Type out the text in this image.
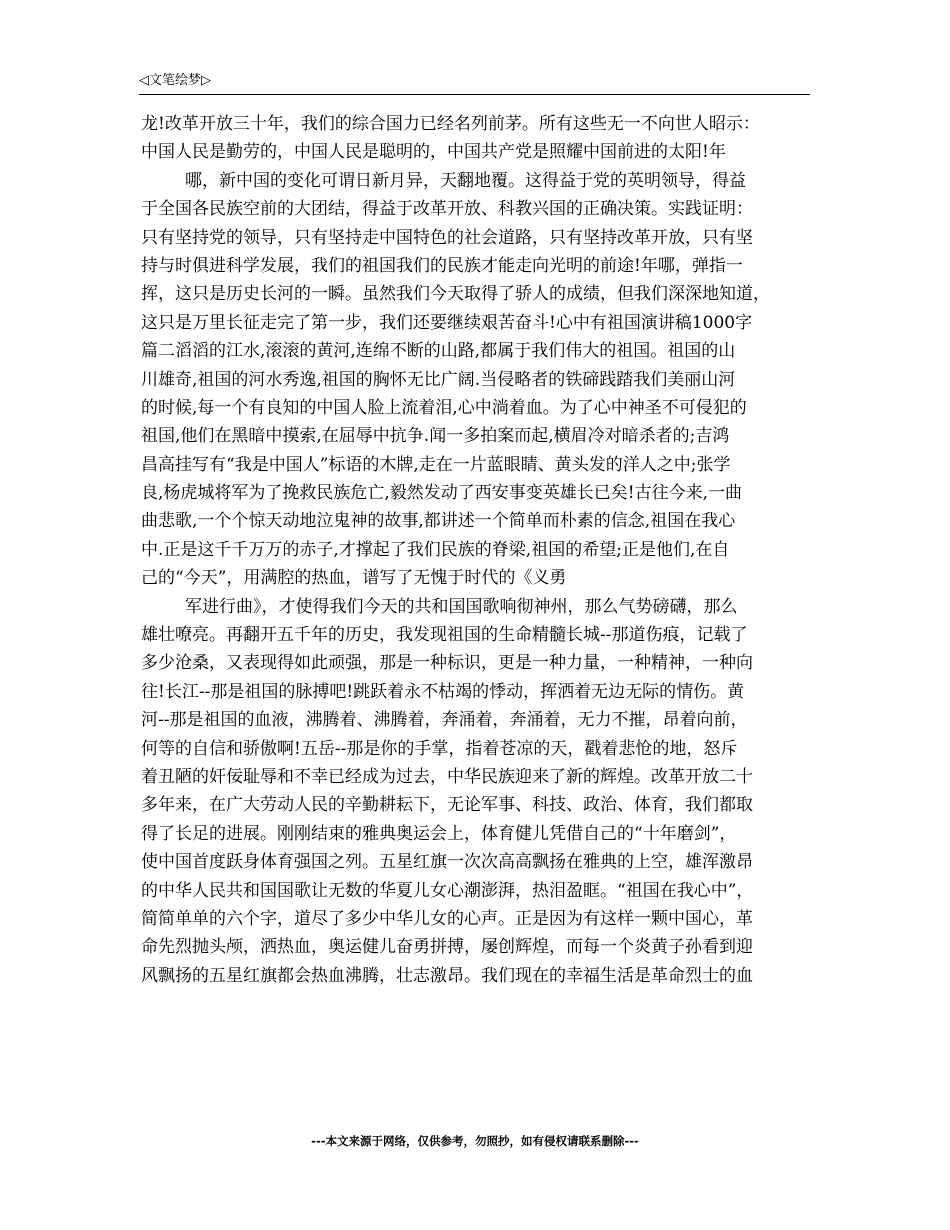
◁文笔绘梦▷
龙!改革开放三十年，我们的综合国力已经名列前茅。所有这些无一不向世人昭示：
中国人民是勤劳的，中国人民是聪明的，中国共产党是照耀中国前进的太阳!年
哪，新中国的变化可谓日新月异，天翻地覆。这得益于党的英明领导，得益
于全国各民族空前的大团结，得益于改革开放、科教兴国的正确决策。实践证明：
只有坚持党的领导，只有坚持走中国特色的社会道路，只有坚持改革开放，只有坚
持与时俱进科学发展，我们的祖国我们的民族才能走向光明的前途!年哪，弹指一
挥，这只是历史长河的一瞬。虽然我们今天取得了骄人的成绩，但我们深深地知道，
这只是万里长征走完了第一步，我们还要继续艰苦奋斗!心中有祖国演讲稿1000字
篇二滔滔的江水,滚滚的黄河,连绵不断的山路,都属于我们伟大的祖国。祖国的山
川雄奇,祖国的河水秀逸,祖国的胸怀无比广阔.当侵略者的铁碲践踏我们美丽山河
的时候,每一个有良知的中国人脸上流着泪,心中淌着血。为了心中神圣不可侵犯的
祖国,他们在黑暗中摸索,在屈辱中抗争.闻一多拍案而起,横眉冷对暗杀者的;吉鸿
昌高挂写有“我是中国人”标语的木牌,走在一片蓝眼睛、黄头发的洋人之中;张学
良,杨虎城将军为了挽救民族危亡,毅然发动了西安事变英雄长已矣!古往今来,一曲
曲悲歌,一个个惊天动地泣鬼神的故事,都讲述一个简单而朴素的信念,祖国在我心
中.正是这千千万万的赤子,才撑起了我们民族的脊梁,祖国的希望;正是他们,在自
己的“今天”，用满腔的热血，谱写了无愧于时代的《义勇
军进行曲》，才使得我们今天的共和国国歌响彻神州，那么气势磅礴，那么
雄壮嘹亮。再翻开五千年的历史，我发现祖国的生命精髓长城--那道伤痕，记载了
多少沧桑，又表现得如此顽强，那是一种标识，更是一种力量，一种精神，一种向
往!长江--那是祖国的脉搏吧!跳跃着永不枯竭的悸动，挥洒着无边无际的情伤。黄
河--那是祖国的血液，沸腾着、沸腾着，奔涌着，奔涌着，无力不摧，昂着向前，
何等的自信和骄傲啊!五岳--那是你的手掌，指着苍凉的天，戳着悲怆的地，怒斥
着丑陋的奸佞耻辱和不幸已经成为过去，中华民族迎来了新的辉煌。改革开放二十
多年来，在广大劳动人民的辛勤耕耘下，无论军事、科技、政治、体育，我们都取
得了长足的进展。刚刚结束的雅典奥运会上，体育健儿凭借自己的“十年磨剑”，
使中国首度跃身体育强国之列。五星红旗一次次高高飘扬在雅典的上空，雄浑激昂
的中华人民共和国国歌让无数的华夏儿女心潮澎湃，热泪盈眶。“祖国在我心中”，
简简单单的六个字，道尽了多少中华儿女的心声。正是因为有这样一颗中国心，革
命先烈抛头颅，洒热血，奥运健儿奋勇拼搏，屡创辉煌，而每一个炎黄子孙看到迎
风飘扬的五星红旗都会热血沸腾，壮志激昂。我们现在的幸福生活是革命烈士的血
---本文来源于网络，仅供参考，勿照抄，如有侵权请联系删除---
